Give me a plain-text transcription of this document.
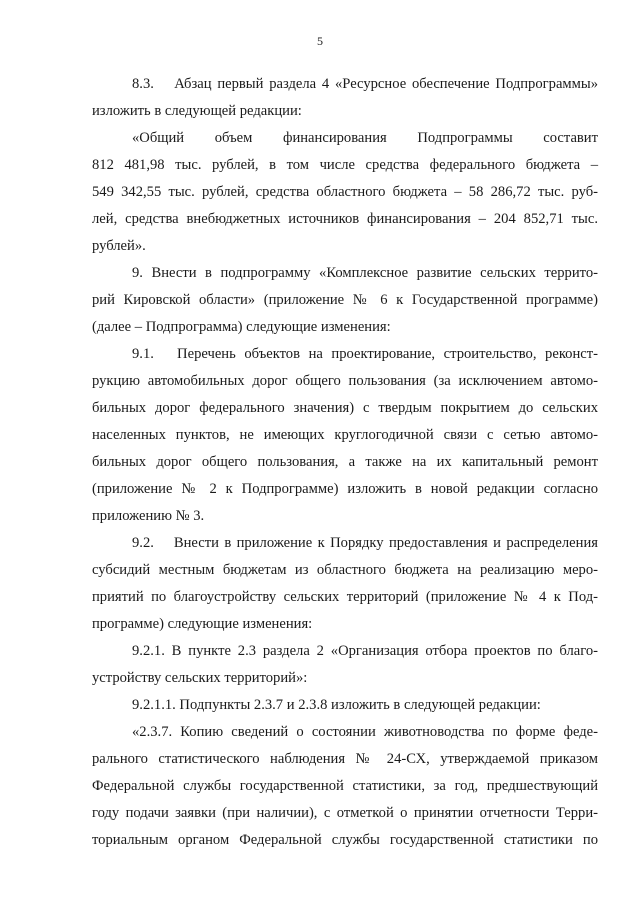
5
8.3.  Абзац первый раздела 4 «Ресурсное обеспечение Подпрограммы»
изложить в следующей редакции:
«Общий объем финансирования Подпрограммы составит
812 481,98 тыс. рублей, в том числе средства федерального бюджета –
549 342,55 тыс. рублей, средства областного бюджета – 58 286,72 тыс. руб-
лей, средства внебюджетных источников финансирования – 204 852,71 тыс.
рублей».
9. Внести в подпрограмму «Комплексное развитие сельских террито-
рий Кировской области» (приложение № 6 к Государственной программе)
(далее – Подпрограмма) следующие изменения:
9.1.  Перечень объектов на проектирование, строительство, реконст-
рукцию автомобильных дорог общего пользования (за исключением автомо-
бильных дорог федерального значения) с твердым покрытием до сельских
населенных пунктов, не имеющих круглогодичной связи с сетью автомо-
бильных дорог общего пользования, а также на их капитальный ремонт
(приложение № 2 к Подпрограмме) изложить в новой редакции согласно
приложению № 3.
9.2.  Внести в приложение к Порядку предоставления и распределения
субсидий местным бюджетам из областного бюджета на реализацию меро-
приятий по благоустройству сельских территорий (приложение № 4 к Под-
программе) следующие изменения:
9.2.1. В пункте 2.3 раздела 2 «Организация отбора проектов по благо-
устройству сельских территорий»:
9.2.1.1. Подпункты 2.3.7 и 2.3.8 изложить в следующей редакции:
«2.3.7. Копию сведений о состоянии животноводства по форме феде-
рального статистического наблюдения № 24-СХ, утверждаемой приказом
Федеральной службы государственной статистики, за год, предшествующий
году подачи заявки (при наличии), с отметкой о принятии отчетности Терри-
ториальным органом Федеральной службы государственной статистики по
